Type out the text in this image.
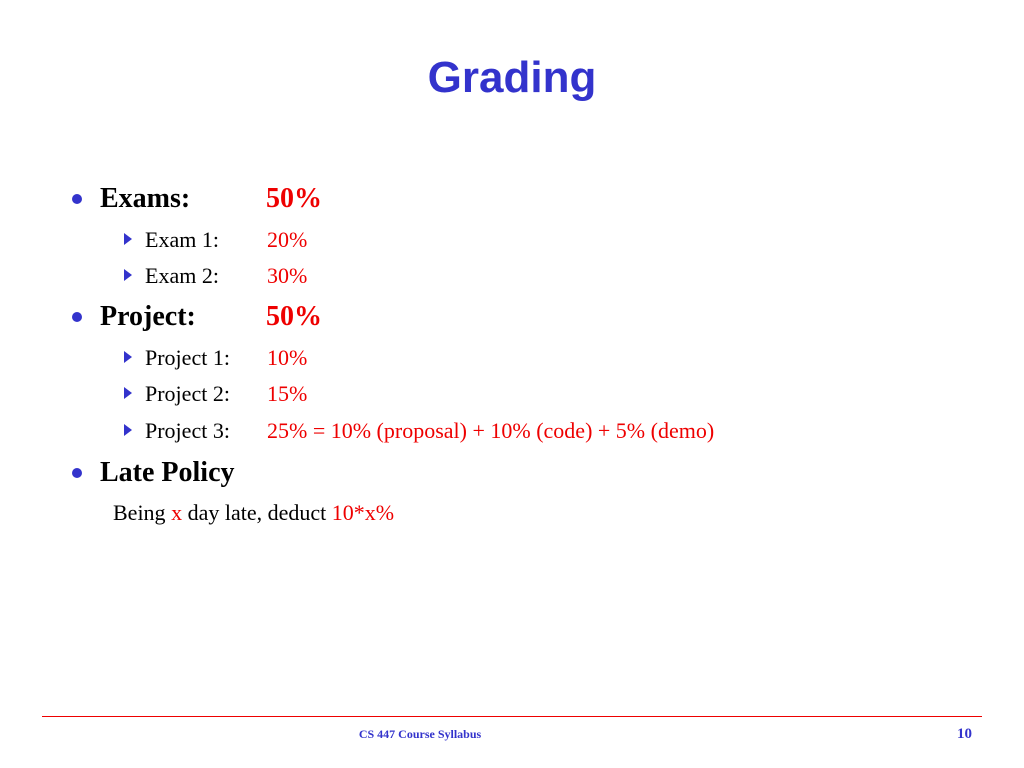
Grading
Exams:	50%
Exam 1: 20%
Exam 2: 30%
Project:	50%
Project 1: 10%
Project 2: 15%
Project 3: 25% = 10% (proposal) + 10% (code) + 5% (demo)
Late Policy
Being x day late, deduct 10*x%
CS 447 Course Syllabus	10
